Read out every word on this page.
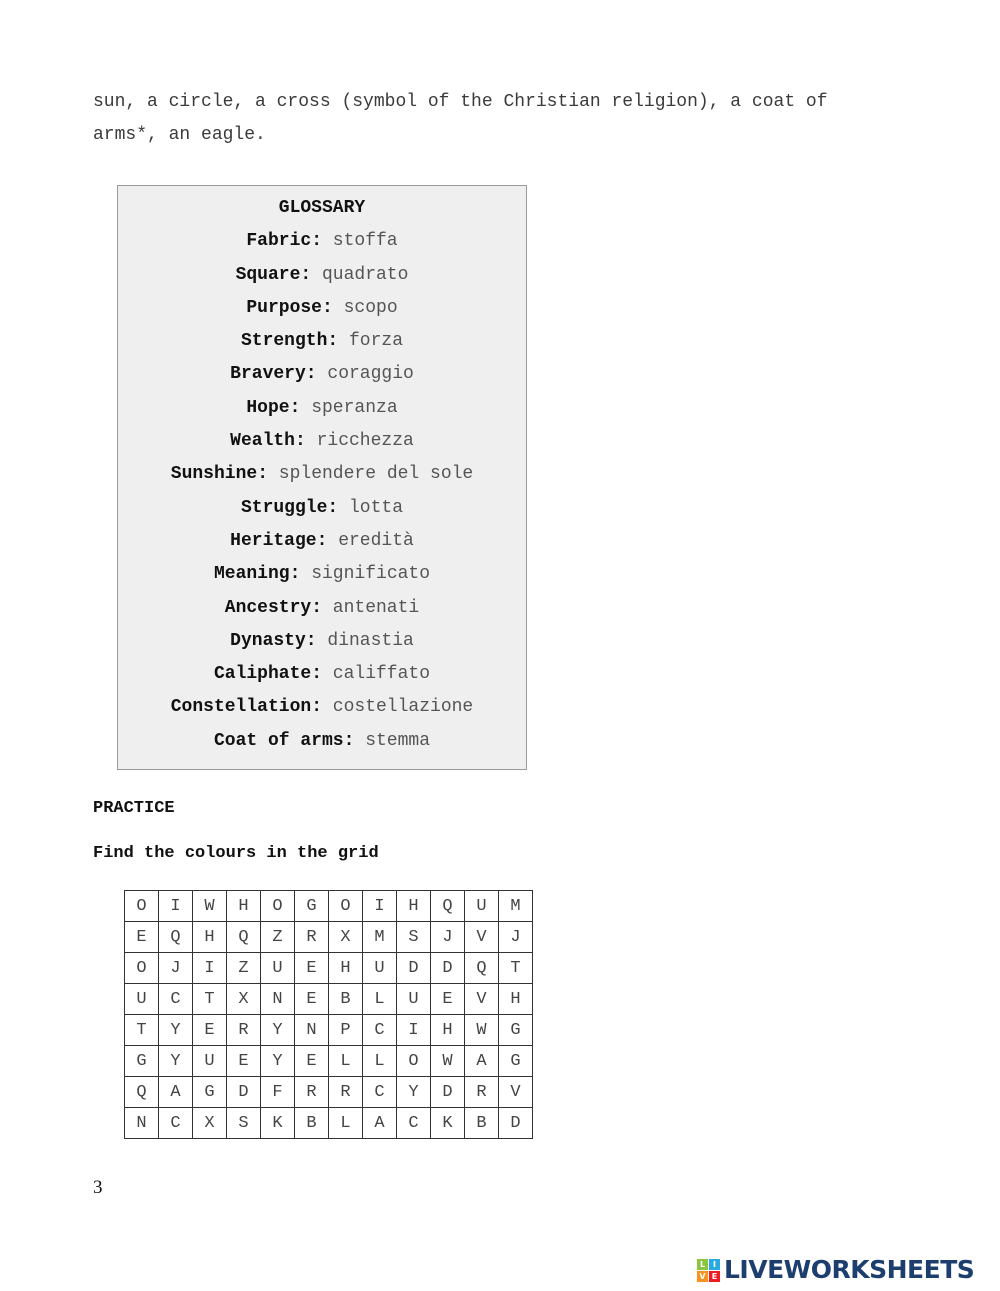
sun, a circle, a cross (symbol of the Christian religion), a coat of
arms*, an eagle.

GLOSSARY

Fabric: stoffa

Square: quadrato

Purpose: scopo

Strength: forza

Bravery: coraggio

Hope: speranza

Wealth: ricchezza

Sunshine: splendere del sole

Struggle: lotta

Heritage: eredità

Meaning: significato

Ancestry: antenati

Dynasty: dinastia

Caliphate: califfato

Constellation: costellazione

Coat of arms: stemma

PRACTICE

Find the colours in the grid

O	I	W	H	O	G	O	I	H	Q	U	M
E	Q	H	Q	Z	R	X	M	S	J	V	J
O	J	I	Z	U	E	H	U	D	D	Q	T
U	C	T	X	N	E	B	L	U	E	V	H
T	Y	E	R	Y	N	P	C	I	H	W	G
G	Y	U	E	Y	E	L	L	O	W	A	G
Q	A	G	D	F	R	R	C	Y	D	R	V
N	C	X	S	K	B	L	A	C	K	B	D

3

L I
V E LIVEWORKSHEETS
